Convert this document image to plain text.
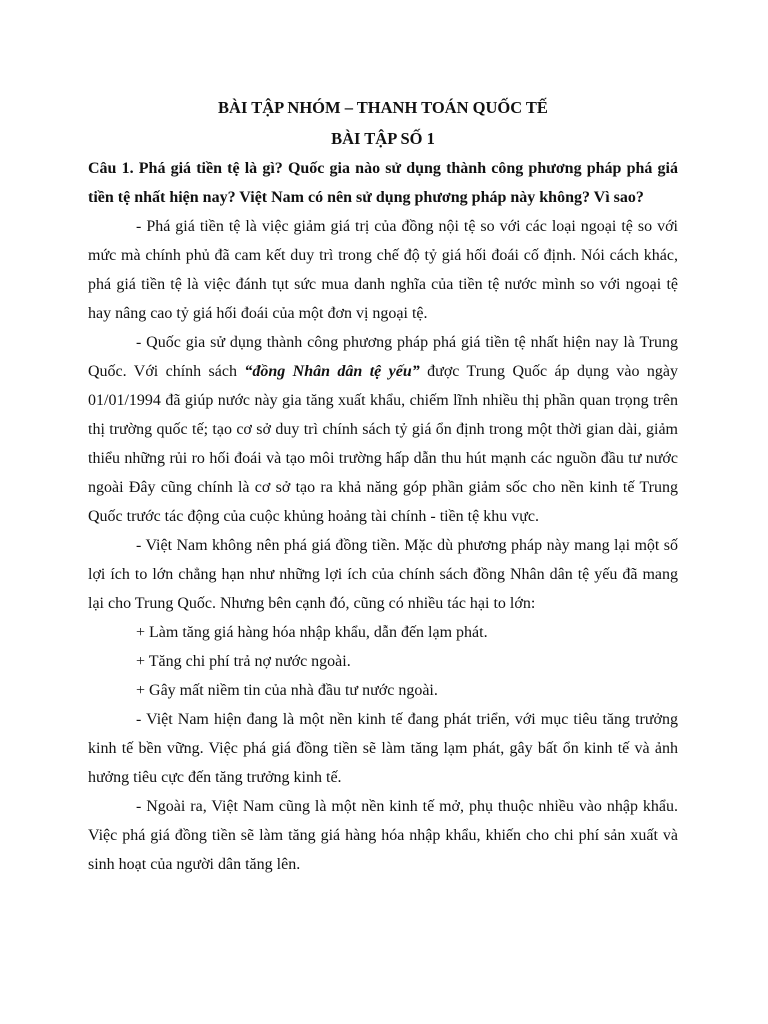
BÀI TẬP NHÓM – THANH TOÁN QUỐC TẾ

BÀI TẬP SỐ 1

Câu 1. Phá giá tiền tệ là gì? Quốc gia nào sử dụng thành công phương pháp phá giá tiền tệ nhất hiện nay? Việt Nam có nên sử dụng phương pháp này không? Vì sao?

- Phá giá tiền tệ là việc giảm giá trị của đồng nội tệ so với các loại ngoại tệ so với mức mà chính phủ đã cam kết duy trì trong chế độ tỷ giá hối đoái cố định. Nói cách khác, phá giá tiền tệ là việc đánh tụt sức mua danh nghĩa của tiền tệ nước mình so với ngoại tệ hay nâng cao tỷ giá hối đoái của một đơn vị ngoại tệ.

- Quốc gia sử dụng thành công phương pháp phá giá tiền tệ nhất hiện nay là Trung Quốc. Với chính sách “đồng Nhân dân tệ yếu” được Trung Quốc áp dụng vào ngày 01/01/1994 đã giúp nước này gia tăng xuất khẩu, chiếm lĩnh nhiều thị phần quan trọng trên thị trường quốc tế; tạo cơ sở duy trì chính sách tỷ giá ổn định trong một thời gian dài, giảm thiểu những rủi ro hối đoái và tạo môi trường hấp dẫn thu hút mạnh các nguồn đầu tư nước ngoài Đây cũng chính là cơ sở tạo ra khả năng góp phần giảm sốc cho nền kinh tế Trung Quốc trước tác động của cuộc khủng hoảng tài chính - tiền tệ khu vực.

- Việt Nam không nên phá giá đồng tiền. Mặc dù phương pháp này mang lại một số lợi ích to lớn chẳng hạn như những lợi ích của chính sách đồng Nhân dân tệ yếu đã mang lại cho Trung Quốc. Nhưng bên cạnh đó, cũng có nhiều tác hại to lớn:

+ Làm tăng giá hàng hóa nhập khẩu, dẫn đến lạm phát.

+ Tăng chi phí trả nợ nước ngoài.

+ Gây mất niềm tin của nhà đầu tư nước ngoài.

- Việt Nam hiện đang là một nền kinh tế đang phát triển, với mục tiêu tăng trưởng kinh tế bền vững. Việc phá giá đồng tiền sẽ làm tăng lạm phát, gây bất ổn kinh tế và ảnh hưởng tiêu cực đến tăng trưởng kinh tế.

- Ngoài ra, Việt Nam cũng là một nền kinh tế mở, phụ thuộc nhiều vào nhập khẩu. Việc phá giá đồng tiền sẽ làm tăng giá hàng hóa nhập khẩu, khiến cho chi phí sản xuất và sinh hoạt của người dân tăng lên.
